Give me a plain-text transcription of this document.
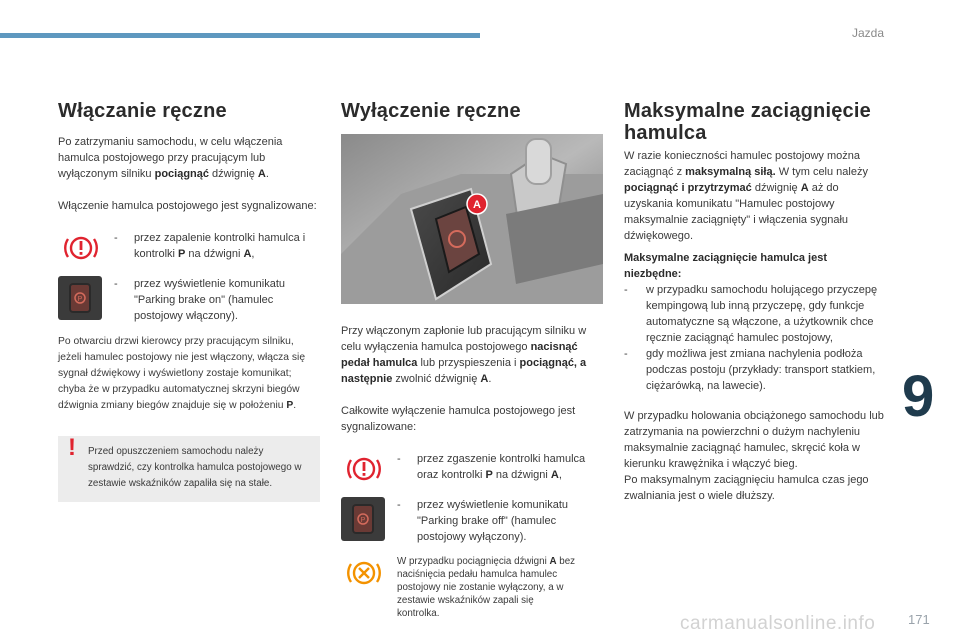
Jazda
9
carmanualsonline.info	171
Włączanie ręczne

Po zatrzymaniu samochodu, w celu włączenia hamulca postojowego przy pracującym lub wyłączonym silniku pociągnąć dźwignię A.

Włączenie hamulca postojowego jest sygnalizowane:

-	przez zapalenie kontrolki hamulca i kontrolki P na dźwigni A,
P
-	przez wyświetlenie komunikatu "Parking brake on" (hamulec postojowy włączony).

Po otwarciu drzwi kierowcy przy pracującym silniku, jeżeli hamulec postojowy nie jest włączony, włącza się sygnał dźwiękowy i wyświetlony zostaje komunikat; chyba że w przypadku automatycznej skrzyni biegów dźwignia zmiany biegów znajduje się w położeniu P.

! Przed opuszczeniem samochodu należy sprawdzić, czy kontrolka hamulca postojowego w zestawie wskaźników zapaliła się na stałe.
Wyłączenie ręczne
A

Przy włączonym zapłonie lub pracującym silniku w celu wyłączenia hamulca postojowego nacisnąć pedał hamulca lub przyspieszenia i pociągnąć, a następnie zwolnić dźwignię A.

Całkowite wyłączenie hamulca postojowego jest sygnalizowane:

-	przez zgaszenie kontrolki hamulca oraz kontrolki P na dźwigni A,
P
-	przez wyświetlenie komunikatu "Parking brake off" (hamulec postojowy wyłączony).
W przypadku pociągnięcia dźwigni A bez naciśnięcia pedału hamulca hamulec postojowy nie zostanie wyłączony, a w zestawie wskaźników zapali się kontrolka.
Maksymalne zaciągnięcie hamulca

W razie konieczności hamulec postojowy można zaciągnąć z maksymalną siłą. W tym celu należy pociągnąć i przytrzymać dźwignię A aż do uzyskania komunikatu "Hamulec postojowy maksymalnie zaciągnięty" i włączenia sygnału dźwiękowego.

Maksymalne zaciągnięcie hamulca jest niezbędne:

-	w przypadku samochodu holującego przyczepę kempingową lub inną przyczepę, gdy funkcje automatyczne są włączone, a użytkownik chce ręcznie zaciągnąć hamulec postojowy,
-	gdy możliwa jest zmiana nachylenia podłoża podczas postoju (przykłady: transport statkiem, ciężarówką, na lawecie).

W przypadku holowania obciążonego samochodu lub zatrzymania na powierzchni o dużym nachyleniu maksymalnie zaciągnąć hamulec, skręcić koła w kierunku krawężnika i włączyć bieg.
Po maksymalnym zaciągnięciu hamulca czas jego zwalniania jest o wiele dłuższy.
